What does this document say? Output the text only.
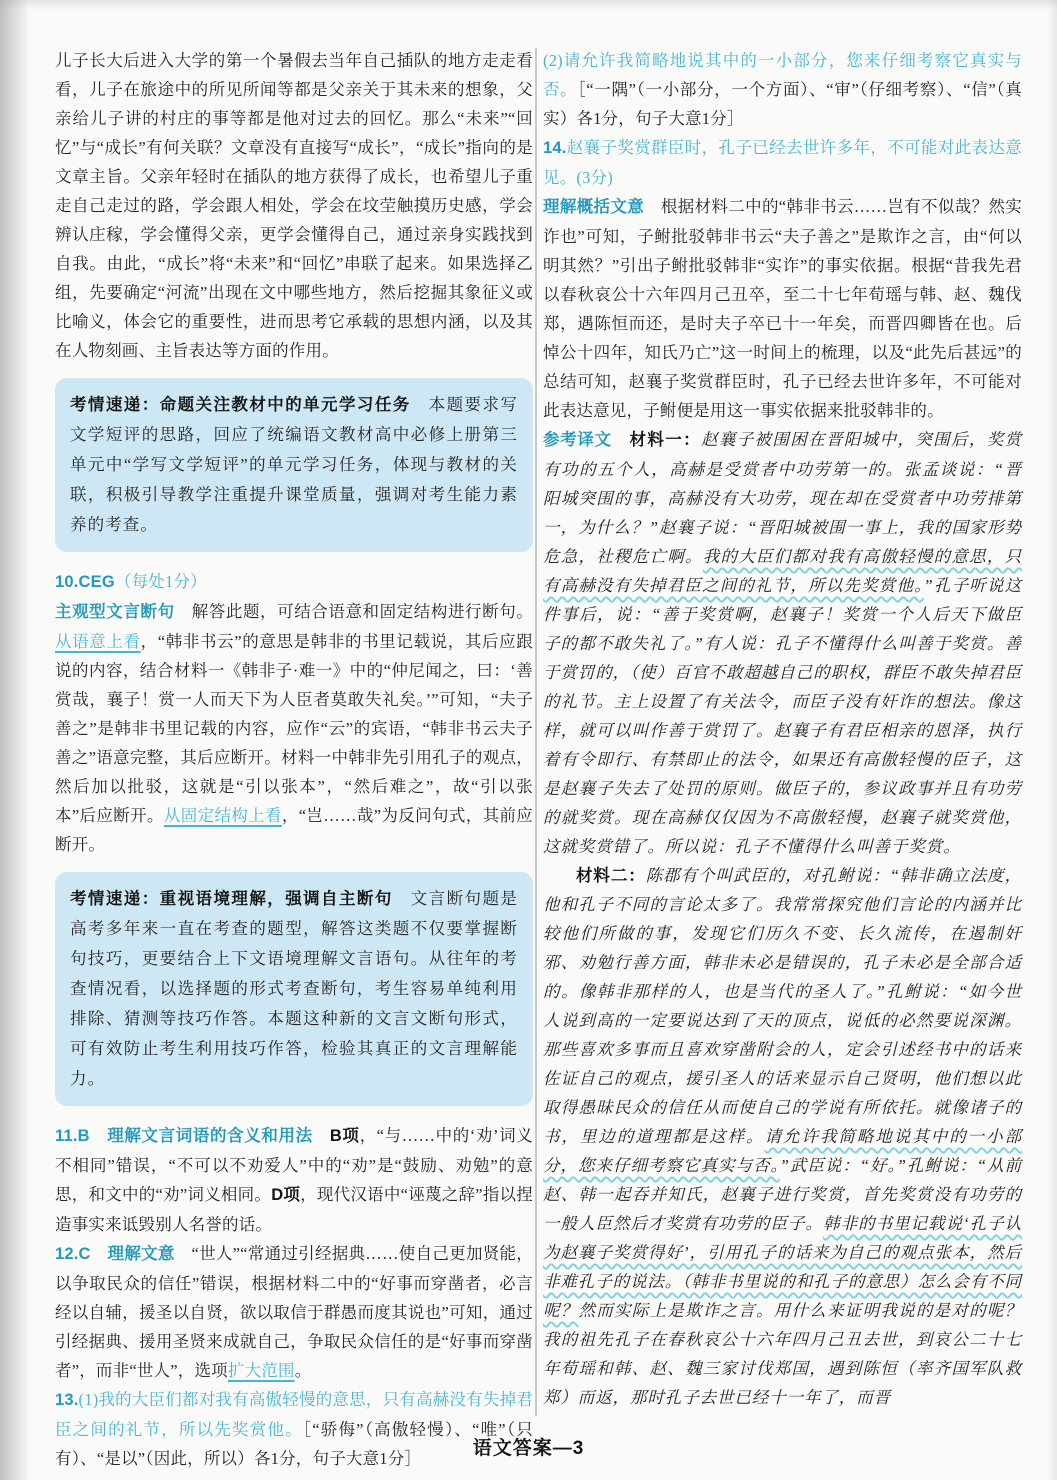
儿子长大后进入大学的第一个暑假去当年自己插队的地方走走看看，儿子在旅途中的所见所闻等都是父亲关于其未来的想象，父亲给儿子讲的村庄的事等都是他对过去的回忆。那么“未来”“回忆”与“成长”有何关联？文章没有直接写“成长”，“成长”指向的是文章主旨。父亲年轻时在插队的地方获得了成长，也希望儿子重走自己走过的路，学会跟人相处，学会在坟茔触摸历史感，学会辨认庄稼，学会懂得父亲，更学会懂得自己，通过亲身实践找到自我。由此，“成长”将“未来”和“回忆”串联了起来。如果选择乙组，先要确定“河流”出现在文中哪些地方，然后挖掘其象征义或比喻义，体会它的重要性，进而思考它承载的思想内涵，以及其在人物刻画、主旨表达等方面的作用。

考情速递：命题关注教材中的单元学习任务　本题要求写文学短评的思路，回应了统编语文教材高中必修上册第三单元中“学写文学短评”的单元学习任务，体现与教材的关联，积极引导教学注重提升课堂质量，强调对考生能力素养的考查。

10.CEG（每处1分）

主观型文言断句　解答此题，可结合语意和固定结构进行断句。从语意上看，“韩非书云”的意思是韩非的书里记载说，其后应跟说的内容，结合材料一《韩非子·难一》中的“仲尼闻之，曰：‘善赏哉，襄子！赏一人而天下为人臣者莫敢失礼矣。’”可知，“夫子善之”是韩非书里记载的内容，应作“云”的宾语，“韩非书云夫子善之”语意完整，其后应断开。材料一中韩非先引用孔子的观点，然后加以批驳，这就是“引以张本”，“然后难之”，故“引以张本”后应断开。从固定结构上看，“岂……哉”为反问句式，其前应断开。

考情速递：重视语境理解，强调自主断句　文言断句题是高考多年来一直在考查的题型，解答这类题不仅要掌握断句技巧，更要结合上下文语境理解文言语句。从往年的考查情况看，以选择题的形式考查断句，考生容易单纯利用排除、猜测等技巧作答。本题这种新的文言文断句形式，可有效防止考生利用技巧作答，检验其真正的文言理解能力。

11.B　理解文言词语的含义和用法　 B项，“与……中的‘劝’词义不相同”错误，“不可以不劝爱人”中的“劝”是“鼓励、劝勉”的意思，和文中的“劝”词义相同。D项，现代汉语中“诬蔑之辞”指以捏造事实来诋毁别人名誉的话。

12.C　理解文意　“世人”“常通过引经据典……使自己更加贤能，以争取民众的信任”错误，根据材料二中的“好事而穿凿者，必言经以自辅，援圣以自贤，欲以取信于群愚而度其说也”可知，通过引经据典、援用圣贤来成就自己，争取民众信任的是“好事而穿凿者”，而非“世人”，选项扩大范围。

13.(1)我的大臣们都对我有高傲轻慢的意思，只有高赫没有失掉君臣之间的礼节，所以先奖赏他。［“骄侮”（高傲轻慢）、“唯”（只有）、“是以”（因此，所以）各1分，句子大意1分］

(2)请允许我简略地说其中的一小部分，您来仔细考察它真实与否。［“一隅”（一小部分，一个方面）、“审”（仔细考察）、“信”（真实）各1分，句子大意1分］

14.赵襄子奖赏群臣时，孔子已经去世许多年，不可能对此表达意见。(3分)

理解概括文意　根据材料二中的“韩非书云……岂有不似哉？然实诈也”可知，子鲋批驳韩非书云“夫子善之”是欺诈之言，由“何以明其然？”引出子鲋批驳韩非“实诈”的事实依据。根据“昔我先君以春秋哀公十六年四月己丑卒，至二十七年荀瑶与韩、赵、魏伐郑，遇陈恒而还，是时夫子卒已十一年矣，而晋四卿皆在也。后悼公十四年，知氏乃亡”这一时间上的梳理，以及“此先后甚远”的总结可知，赵襄子奖赏群臣时，孔子已经去世许多年，不可能对此表达意见，子鲋便是用这一事实依据来批驳韩非的。

参考译文　材料一：赵襄子被围困在晋阳城中，突围后，奖赏有功的五个人，高赫是受赏者中功劳第一的。张孟谈说：“晋阳城突围的事，高赫没有大功劳，现在却在受赏者中功劳排第一，为什么？”赵襄子说：“晋阳城被围一事上，我的国家形势危急，社稷危亡啊。我的大臣们都对我有高傲轻慢的意思，只有高赫没有失掉君臣之间的礼节，所以先奖赏他。”孔子听说这件事后，说：“善于奖赏啊，赵襄子！奖赏一个人后天下做臣子的都不敢失礼了。”有人说：孔子不懂得什么叫善于奖赏。善于赏罚的，（使）百官不敢超越自己的职权，群臣不敢失掉君臣的礼节。主上设置了有关法令，而臣子没有奸诈的想法。像这样，就可以叫作善于赏罚了。赵襄子有君臣相亲的恩泽，执行着有令即行、有禁即止的法令，如果还有高傲轻慢的臣子，这是赵襄子失去了处罚的原则。做臣子的，参议政事并且有功劳的就奖赏。现在高赫仅仅因为不高傲轻慢，赵襄子就奖赏他，这就奖赏错了。所以说：孔子不懂得什么叫善于奖赏。

材料二：陈郡有个叫武臣的，对孔鲋说：“韩非确立法度，他和孔子不同的言论太多了。我常常探究他们言论的内涵并比较他们所做的事，发现它们历久不变、长久流传，在遏制奸邪、劝勉行善方面，韩非未必是错误的，孔子未必是全部合适的。像韩非那样的人，也是当代的圣人了。”孔鲋说：“如今世人说到高的一定要说达到了天的顶点，说低的必然要说深渊。那些喜欢多事而且喜欢穿凿附会的人，定会引述经书中的话来佐证自己的观点，援引圣人的话来显示自己贤明，他们想以此取得愚昧民众的信任从而使自己的学说有所依托。就像诸子的书，里边的道理都是这样。请允许我简略地说其中的一小部分，您来仔细考察它真实与否。”武臣说：“好。”孔鲋说：“从前赵、韩一起吞并知氏，赵襄子进行奖赏，首先奖赏没有功劳的一般人臣然后才奖赏有功劳的臣子。韩非的书里记载说‘孔子认为赵襄子奖赏得好’，引用孔子的话来为自己的观点张本，然后非难孔子的说法。（韩非书里说的和孔子的意思）怎么会有不同呢？然而实际上是欺诈之言。用什么来证明我说的是对的呢？我的祖先孔子在春秋哀公十六年四月己丑去世，到哀公二十七年荀瑶和韩、赵、魏三家讨伐郑国，遇到陈恒（率齐国军队救郑）而返，那时孔子去世已经十一年了，而晋

语文答案—3
